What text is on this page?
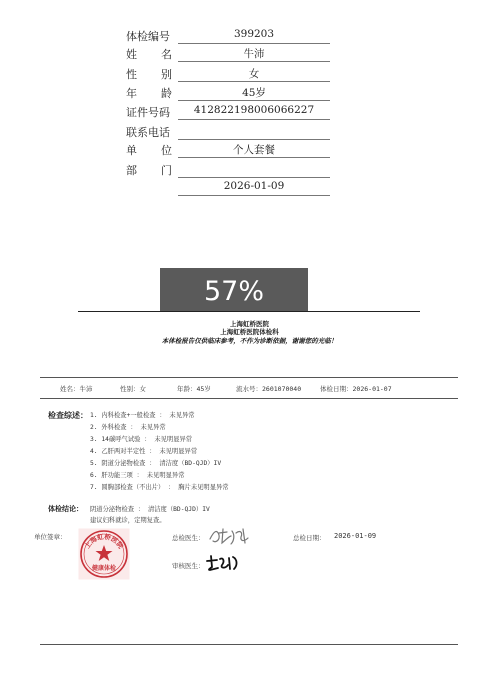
体检编号	399203
姓 名	牛沛
性 别	女
年 龄	45岁
证件号码	412822198006066227
联系电话
单 位	个人套餐
部 门
2026-01-09
57%
上海虹桥医院
上海虹桥医院体检科
本体检报告仅供临床参考，不作为诊断依据，谢谢您的光临！
姓名：牛沛	性别：女	年龄：45岁	流水号：2601070040	体检日期：2026-01-07
检查综述： 1. 内科检查+一般检查 ： 未见异常
2. 外科检查 ： 未见异常
3. 14碳呼气试验 ： 未见明显异常
4. 乙肝两对半定性 ： 未见明显异常
5. 阴道分泌物检查 ： 清洁度（BD-QJD）IV
6. 肝功能三项 ： 未见明显异常
7. 圆胸部检查（不出片） ： 胸片未见明显异常
体检结论： 阴道分泌物检查 ： 清洁度（BD-QJD）IV
建议妇科就诊，定期复查。
单位签章：
上海虹桥医院
健康体检
总检医生：	总检日期： 2026-01-09
审核医生：
